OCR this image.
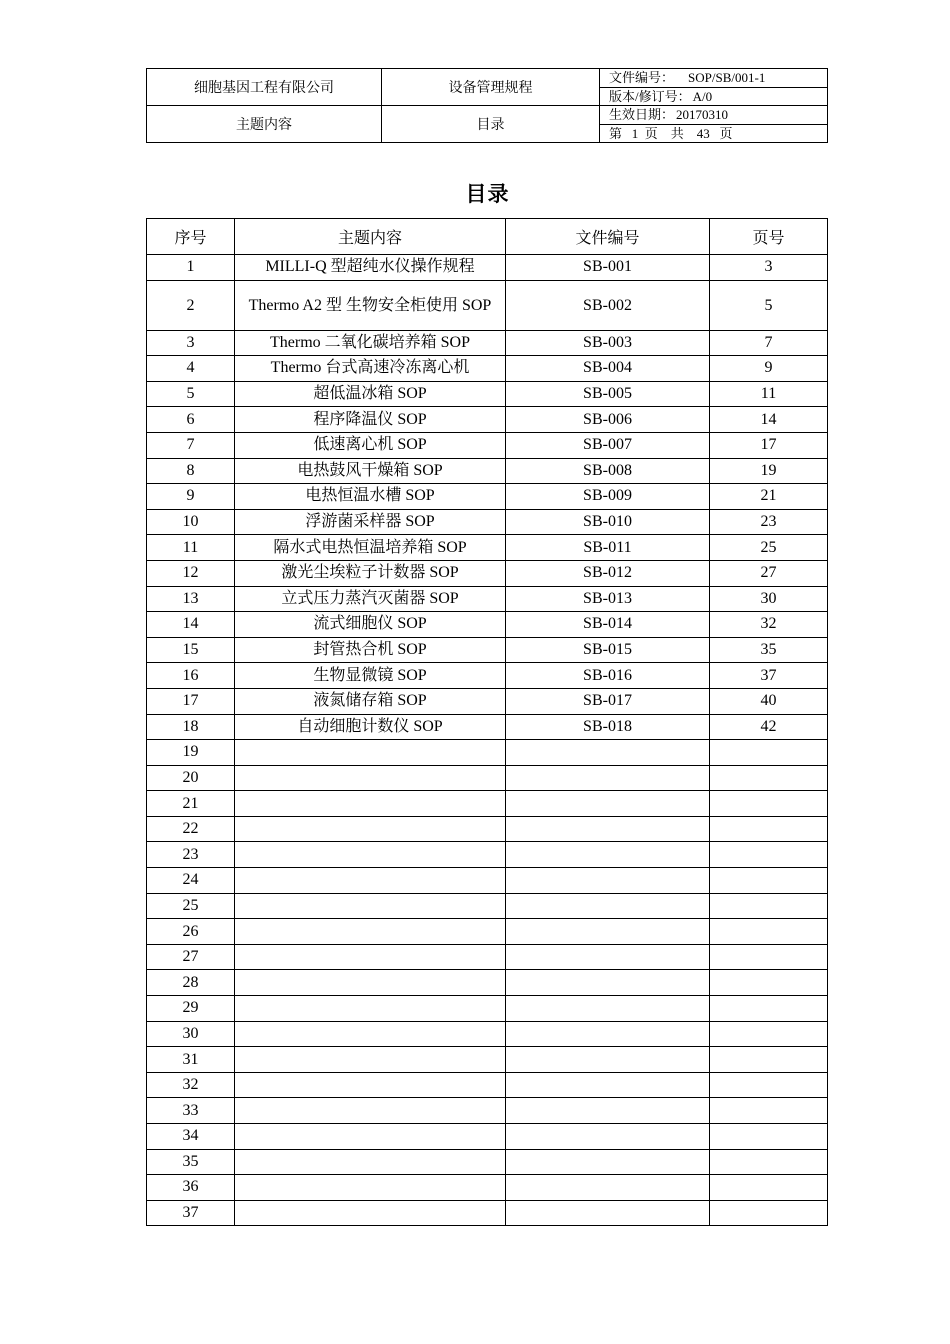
细胞基因工程有限公司	设备管理规程	文件编号： SOP/SB/001-1
		版本/修订号： A/0
主题内容	目录	生效日期： 20170310
		第 1 页 共 43 页
目录
序号	主题内容	文件编号	页号
1	MILLI-Q 型超纯水仪操作规程	SB-001	3
2	Thermo A2 型 生物安全柜使用 SOP	SB-002	5
3	Thermo 二氧化碳培养箱 SOP	SB-003	7
4	Thermo 台式高速冷冻离心机	SB-004	9
5	超低温冰箱 SOP	SB-005	11
6	程序降温仪 SOP	SB-006	14
7	低速离心机 SOP	SB-007	17
8	电热鼓风干燥箱 SOP	SB-008	19
9	电热恒温水槽 SOP	SB-009	21
10	浮游菌采样器 SOP	SB-010	23
11	隔水式电热恒温培养箱 SOP	SB-011	25
12	激光尘埃粒子计数器 SOP	SB-012	27
13	立式压力蒸汽灭菌器 SOP	SB-013	30
14	流式细胞仪 SOP	SB-014	32
15	封管热合机 SOP	SB-015	35
16	生物显微镜 SOP	SB-016	37
17	液氮储存箱 SOP	SB-017	40
18	自动细胞计数仪 SOP	SB-018	42
19			
20			
21			
22			
23			
24			
25			
26			
27			
28			
29			
30			
31			
32			
33			
34			
35			
36			
37			
